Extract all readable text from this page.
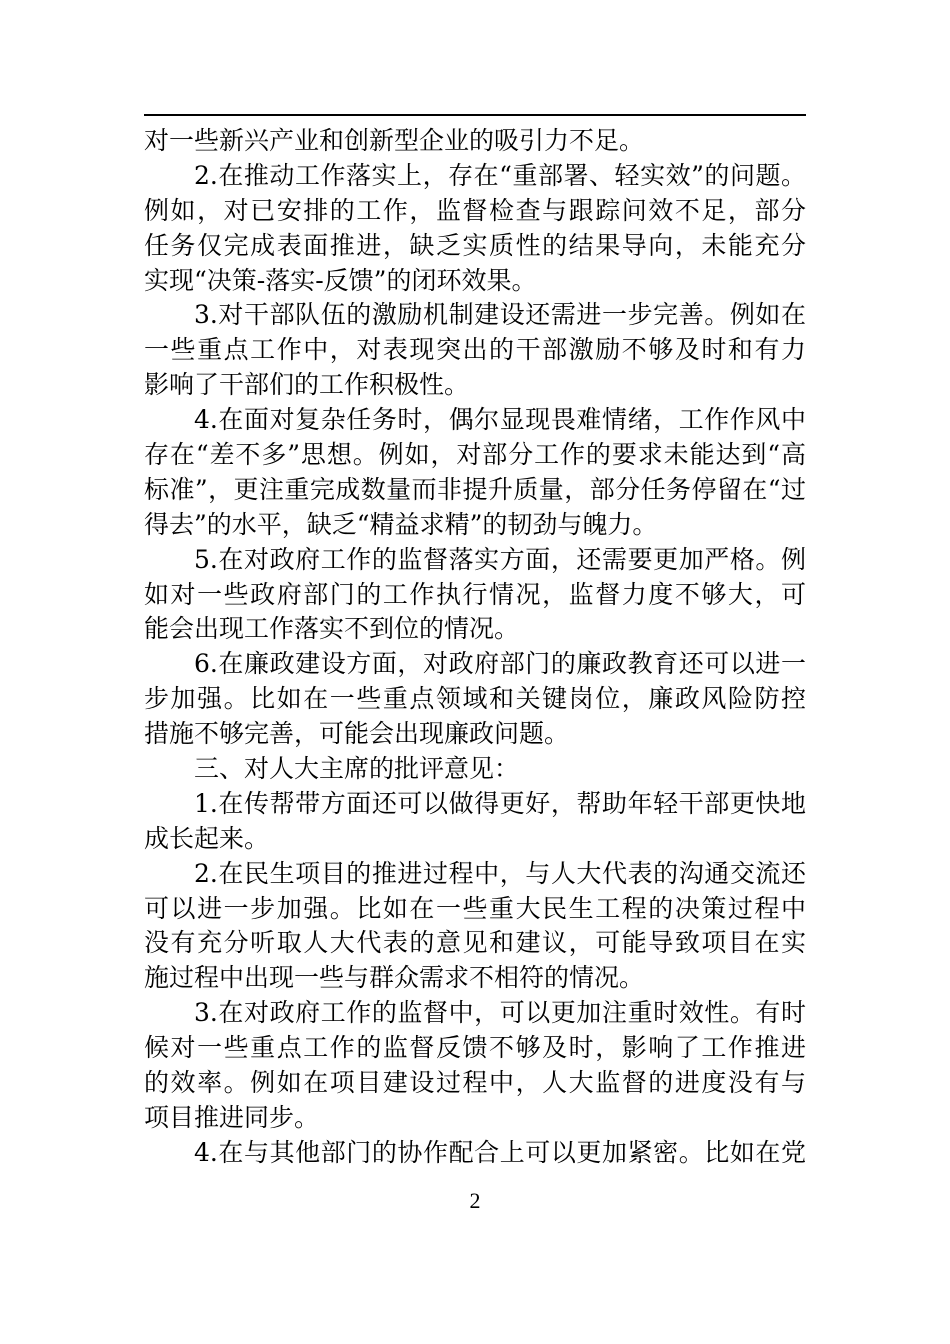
对一些新兴产业和创新型企业的吸引力不足。
2.在推动工作落实上，存在“重部署、轻实效”的问题。
例如，对已安排的工作，监督检查与跟踪问效不足，部分
任务仅完成表面推进，缺乏实质性的结果导向，未能充分
实现“决策-落实-反馈”的闭环效果。
3.对干部队伍的激励机制建设还需进一步完善。例如在
一些重点工作中，对表现突出的干部激励不够及时和有力
影响了干部们的工作积极性。
4.在面对复杂任务时，偶尔显现畏难情绪，工作作风中
存在“差不多”思想。例如，对部分工作的要求未能达到“高
标准”，更注重完成数量而非提升质量，部分任务停留在“过
得去”的水平，缺乏“精益求精”的韧劲与魄力。
5.在对政府工作的监督落实方面，还需要更加严格。例
如对一些政府部门的工作执行情况，监督力度不够大，可
能会出现工作落实不到位的情况。
6.在廉政建设方面，对政府部门的廉政教育还可以进一
步加强。比如在一些重点领域和关键岗位，廉政风险防控
措施不够完善，可能会出现廉政问题。
三、对人大主席的批评意见：
1.在传帮带方面还可以做得更好，帮助年轻干部更快地
成长起来。
2.在民生项目的推进过程中，与人大代表的沟通交流还
可以进一步加强。比如在一些重大民生工程的决策过程中
没有充分听取人大代表的意见和建议，可能导致项目在实
施过程中出现一些与群众需求不相符的情况。
3.在对政府工作的监督中，可以更加注重时效性。有时
候对一些重点工作的监督反馈不够及时，影响了工作推进
的效率。例如在项目建设过程中，人大监督的进度没有与
项目推进同步。
4.在与其他部门的协作配合上可以更加紧密。比如在党
2
